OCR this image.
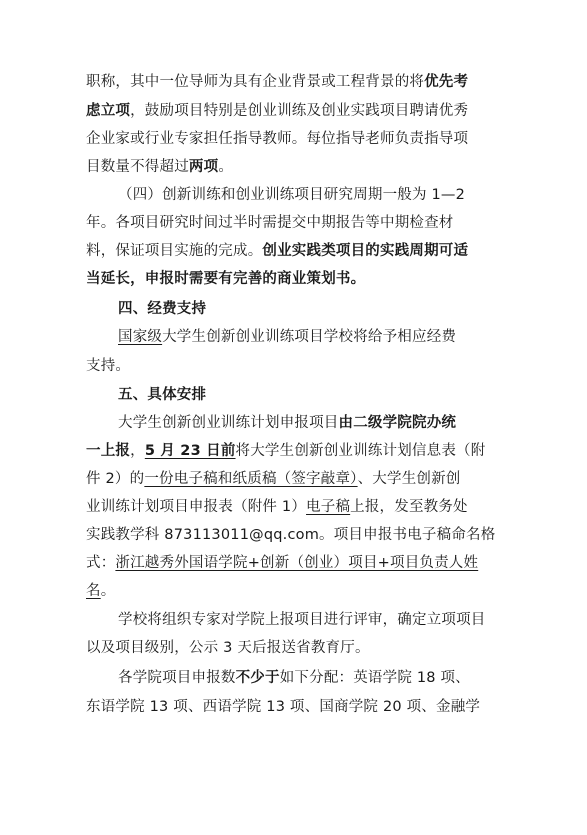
职称，其中一位导师为具有企业背景或工程背景的将优先考
虑立项，鼓励项目特别是创业训练及创业实践项目聘请优秀
企业家或行业专家担任指导教师。每位指导老师负责指导项
目数量不得超过两项。
（四）创新训练和创业训练项目研究周期一般为 1—2
年。各项目研究时间过半时需提交中期报告等中期检查材
料，保证项目实施的完成。创业实践类项目的实践周期可适
当延长，申报时需要有完善的商业策划书。
四、经费支持
国家级大学生创新创业训练项目学校将给予相应经费
支持。
五、具体安排
大学生创新创业训练计划申报项目由二级学院院办统
一上报，5 月 23 日前将大学生创新创业训练计划信息表（附
件 2）的一份电子稿和纸质稿（签字敲章）、大学生创新创
业训练计划项目申报表（附件 1）电子稿上报，发至教务处
实践教学科 873113011@qq.com。项目申报书电子稿命名格
式：浙江越秀外国语学院+创新（创业）项目+项目负责人姓
名。
学校将组织专家对学院上报项目进行评审，确定立项项目
以及项目级别，公示 3 天后报送省教育厅。
各学院项目申报数不少于如下分配：英语学院 18 项、
东语学院 13 项、西语学院 13 项、国商学院 20 项、金融学
